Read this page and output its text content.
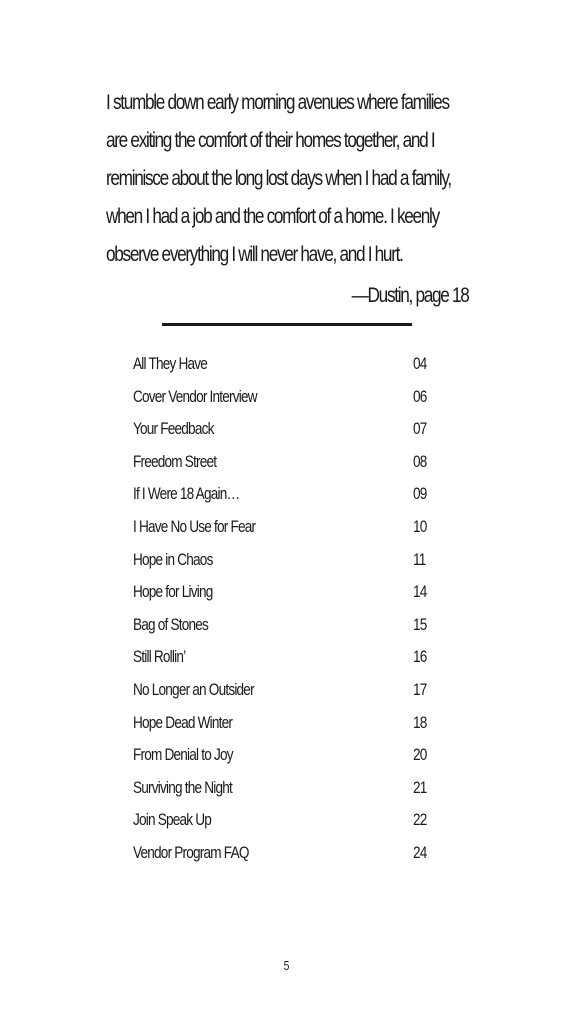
I stumble down early morning avenues where families
are exiting the comfort of their homes together, and I
reminisce about the long lost days when I had a family,
when I had a job and the comfort of a home. I keenly
observe everything I will never have, and I hurt.
—Dustin, page 18
All They Have	04
Cover Vendor Interview	06
Your Feedback	07
Freedom Street	08
If I Were 18 Again…	09
I Have No Use for Fear	10
Hope in Chaos	11
Hope for Living	14
Bag of Stones	15
Still Rollin’	16
No Longer an Outsider	17
Hope Dead Winter	18
From Denial to Joy	20
Surviving the Night	21
Join Speak Up	22
Vendor Program FAQ	24
5
